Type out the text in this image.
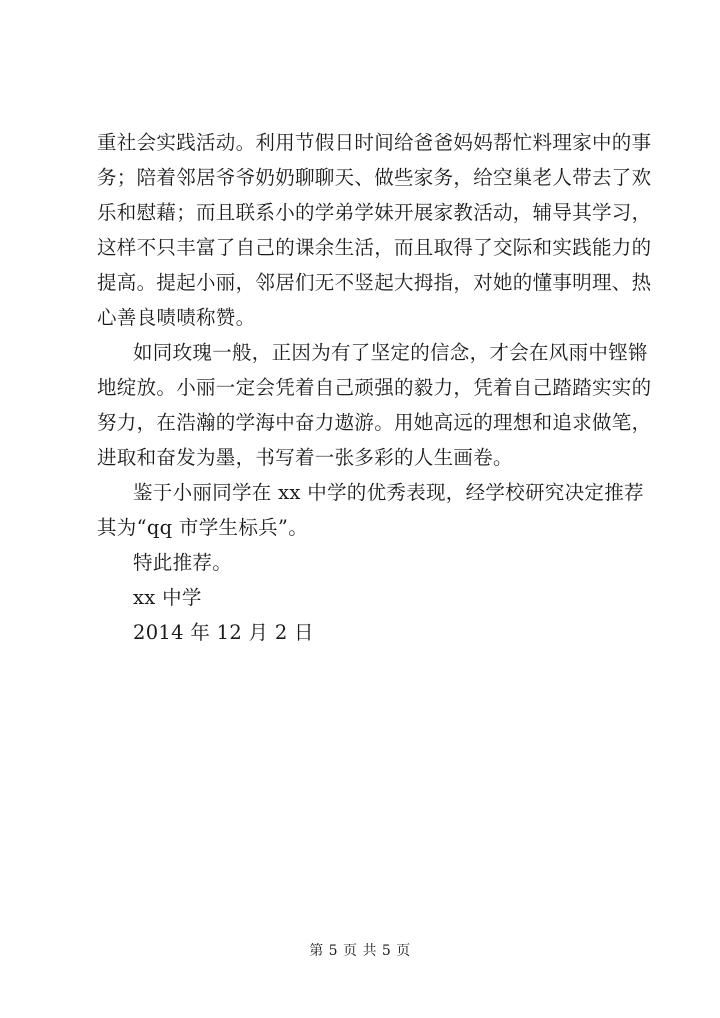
重社会实践活动。利用节假日时间给爸爸妈妈帮忙料理家中的事
务；陪着邻居爷爷奶奶聊聊天、做些家务，给空巢老人带去了欢
乐和慰藉；而且联系小的学弟学妹开展家教活动，辅导其学习，
这样不只丰富了自己的课余生活，而且取得了交际和实践能力的
提高。提起小丽，邻居们无不竖起大拇指，对她的懂事明理、热
心善良啧啧称赞。
如同玫瑰一般，正因为有了坚定的信念，才会在风雨中铿锵
地绽放。小丽一定会凭着自己顽强的毅力，凭着自己踏踏实实的
努力，在浩瀚的学海中奋力遨游。用她高远的理想和追求做笔，
进取和奋发为墨，书写着一张多彩的人生画卷。
鉴于小丽同学在 xx 中学的优秀表现，经学校研究决定推荐
其为“qq 市学生标兵”。
特此推荐。
xx 中学
2014 年 12 月 2 日
第 5 页 共 5 页
